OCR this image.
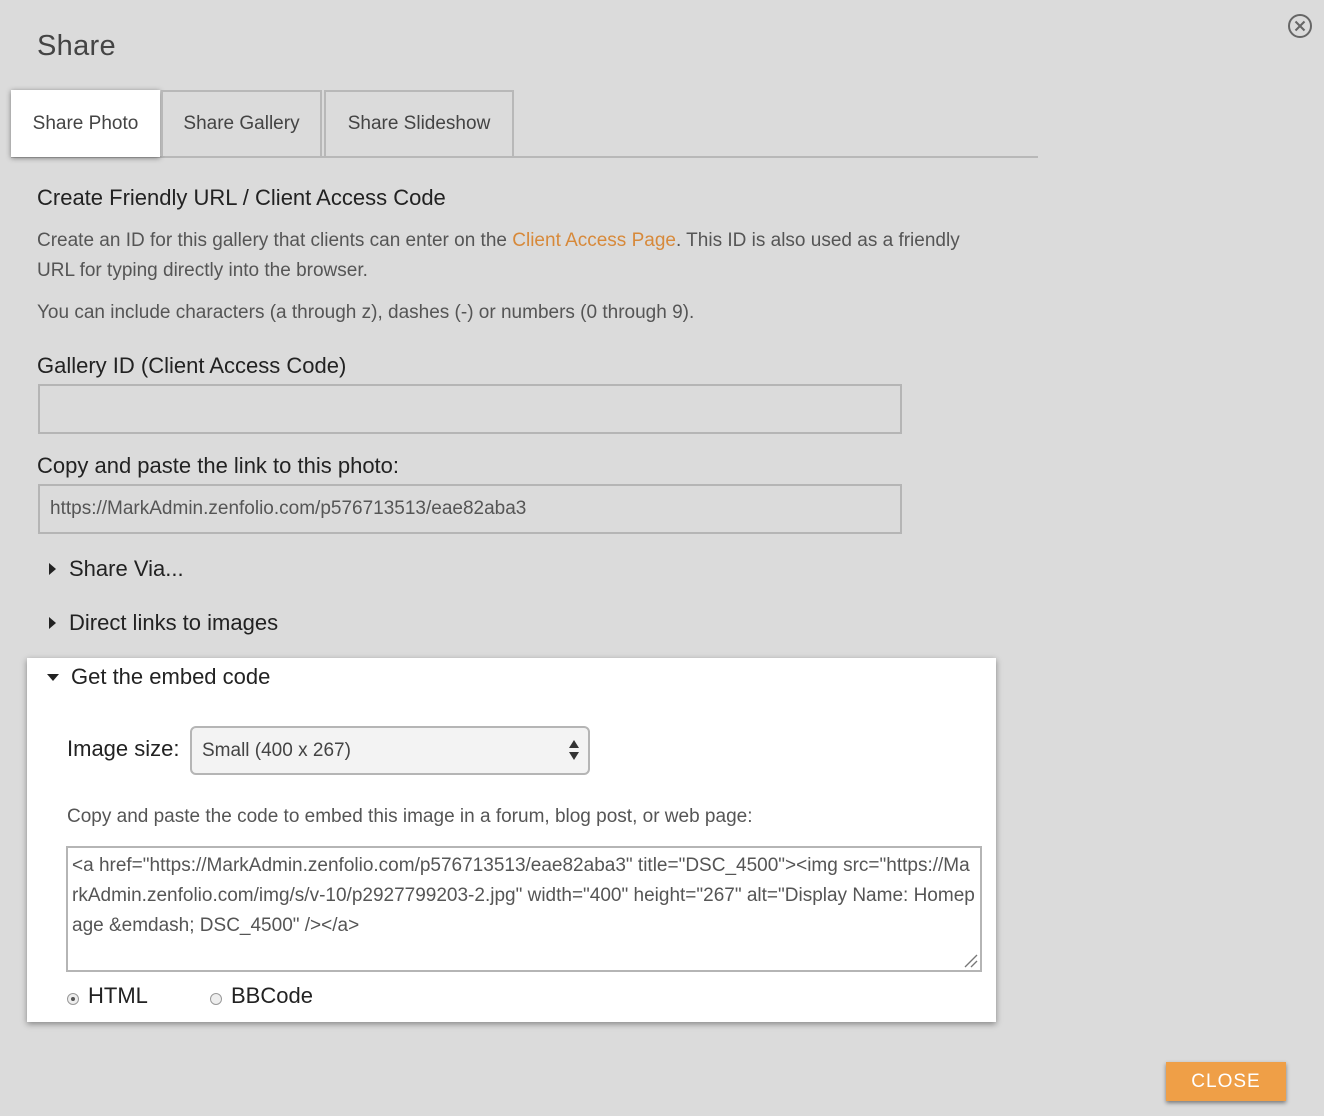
Share
Share Photo	Share Gallery	Share Slideshow
Create Friendly URL / Client Access Code
Create an ID for this gallery that clients can enter on the Client Access Page. This ID is also used as a friendly URL for typing directly into the browser.
You can include characters (a through z), dashes (-) or numbers (0 through 9).
Gallery ID (Client Access Code)
Copy and paste the link to this photo:
https://MarkAdmin.zenfolio.com/p576713513/eae82aba3
Share Via...
Direct links to images
Get the embed code
Image size: Small (400 x 267)
Copy and paste the code to embed this image in a forum, blog post, or web page:
<a href="https://MarkAdmin.zenfolio.com/p576713513/eae82aba3" title="DSC_4500"><img src="https://MarkAdmin.zenfolio.com/img/s/v-10/p2927799203-2.jpg" width="400" height="267" alt="Display Name: Homepage &emdash; DSC_4500" /></a>
HTML	BBCode
CLOSE
